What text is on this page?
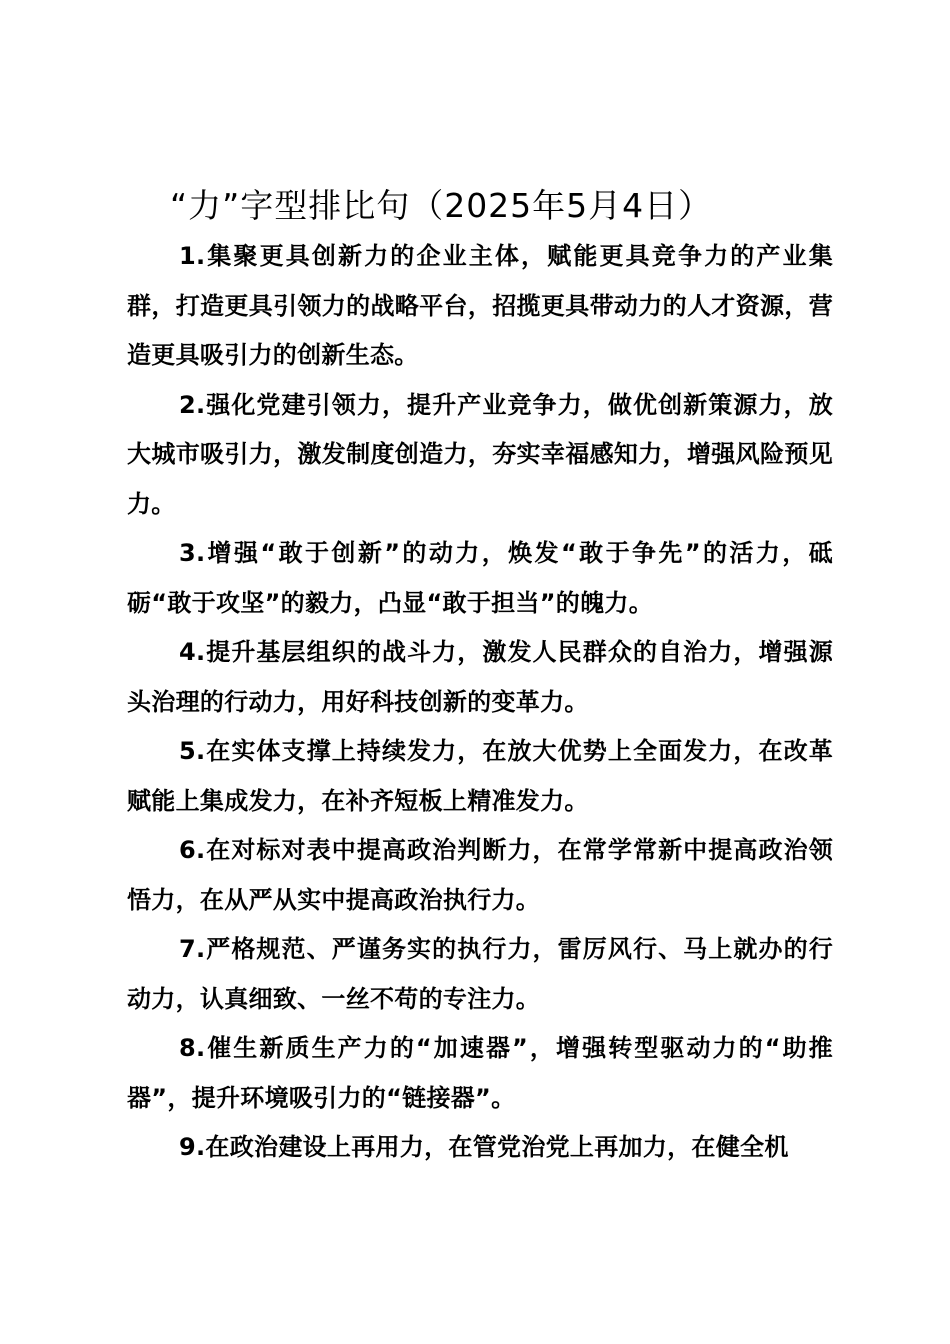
“力”字型排比句（2025年5月4日）

1.集聚更具创新力的企业主体，赋能更具竞争力的产业集群，打造更具引领力的战略平台，招揽更具带动力的人才资源，营造更具吸引力的创新生态。

2.强化党建引领力，提升产业竞争力，做优创新策源力，放大城市吸引力，激发制度创造力，夯实幸福感知力，增强风险预见力。

3.增强“敢于创新”的动力，焕发“敢于争先”的活力，砥砺“敢于攻坚”的毅力，凸显“敢于担当”的魄力。

4.提升基层组织的战斗力，激发人民群众的自治力，增强源头治理的行动力，用好科技创新的变革力。

5.在实体支撑上持续发力，在放大优势上全面发力，在改革赋能上集成发力，在补齐短板上精准发力。

6.在对标对表中提高政治判断力，在常学常新中提高政治领悟力，在从严从实中提高政治执行力。

7.严格规范、严谨务实的执行力，雷厉风行、马上就办的行动力，认真细致、一丝不苟的专注力。

8.催生新质生产力的“加速器”，增强转型驱动力的“助推器”，提升环境吸引力的“链接器”。

9.在政治建设上再用力，在管党治党上再加力，在健全机
